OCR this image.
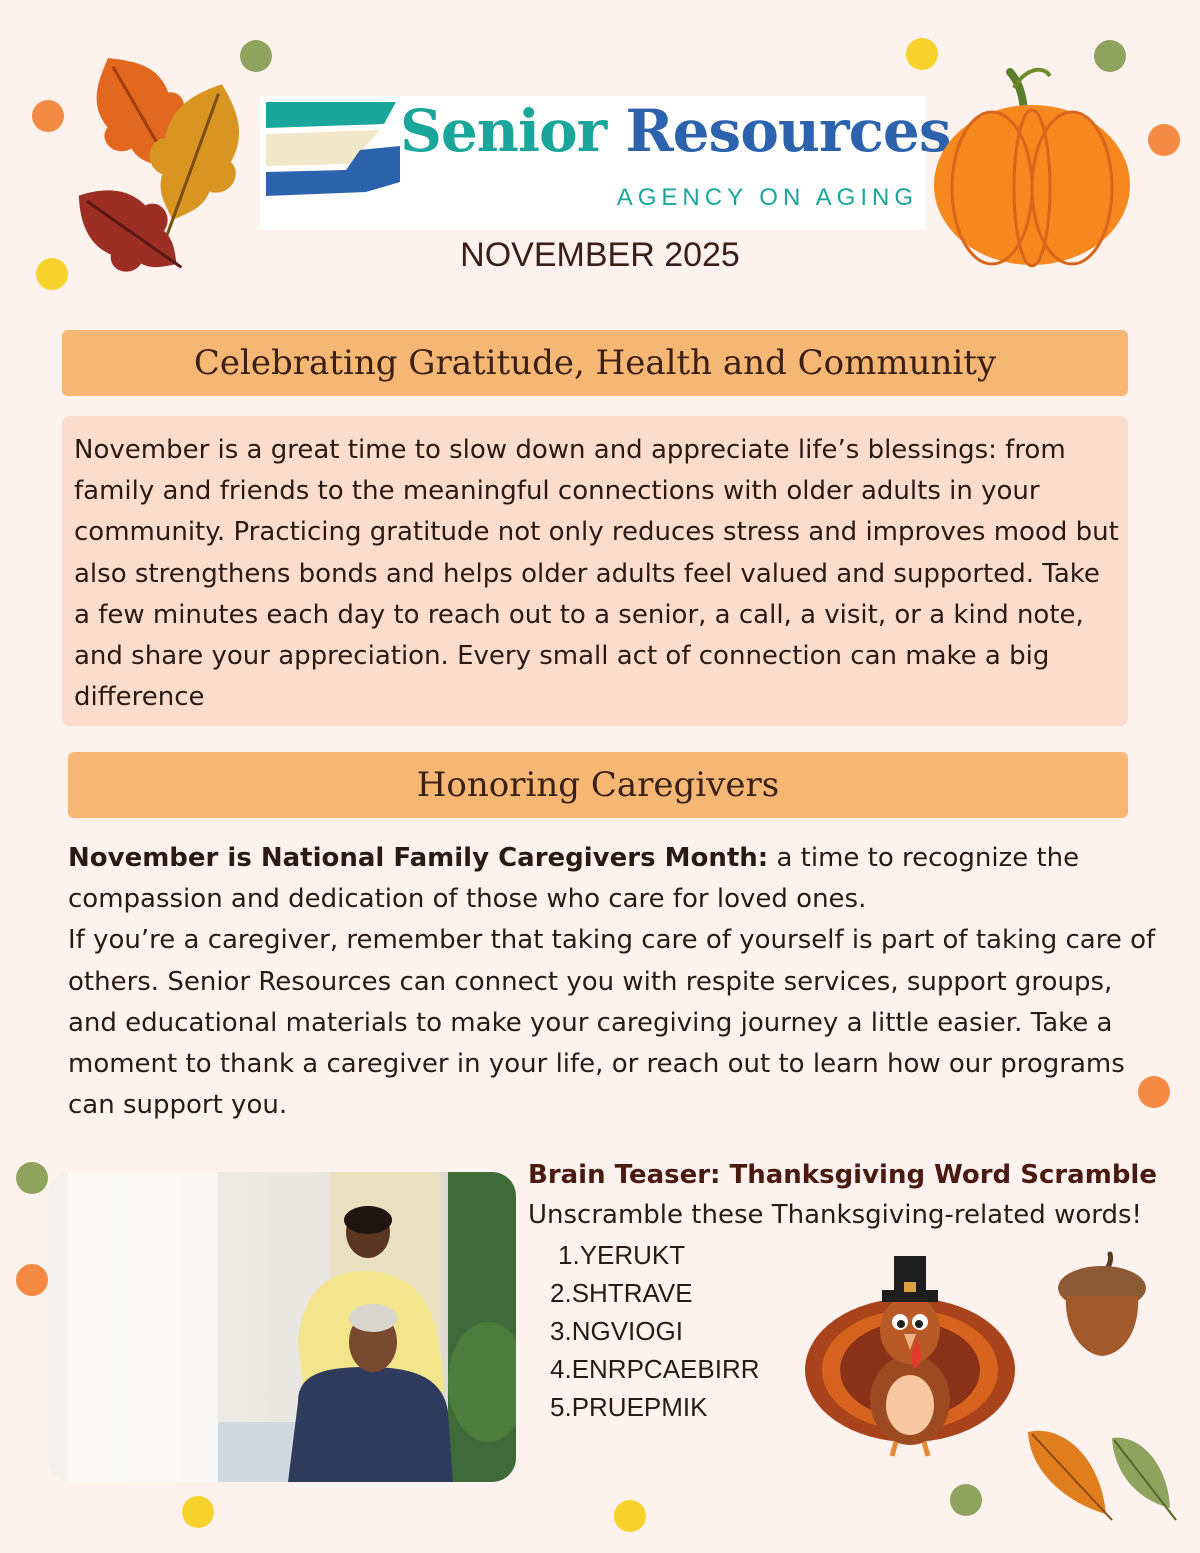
Senior Resources
AGENCY ON AGING
NOVEMBER 2025
Celebrating Gratitude, Health and Community

November is a great time to slow down and appreciate life’s blessings: from family and friends to the meaningful connections with older adults in your community. Practicing gratitude not only reduces stress and improves mood but also strengthens bonds and helps older adults feel valued and supported. Take a few minutes each day to reach out to a senior, a call, a visit, or a kind note, and share your appreciation. Every small act of connection can make a big difference

Honoring Caregivers

November is National Family Caregivers Month: a time to recognize the compassion and dedication of those who care for loved ones.
If you’re a caregiver, remember that taking care of yourself is part of taking care of others. Senior Resources can connect you with respite services, support groups, and educational materials to make your caregiving journey a little easier. Take a moment to thank a caregiver in your life, or reach out to learn how our programs can support you.

Brain Teaser: Thanksgiving Word Scramble
Unscramble these Thanksgiving-related words!
1.YERUKT
2.SHTRAVE
3.NGVIOGI
4.ENRPCAEBIRR
5.PRUEPMIK
